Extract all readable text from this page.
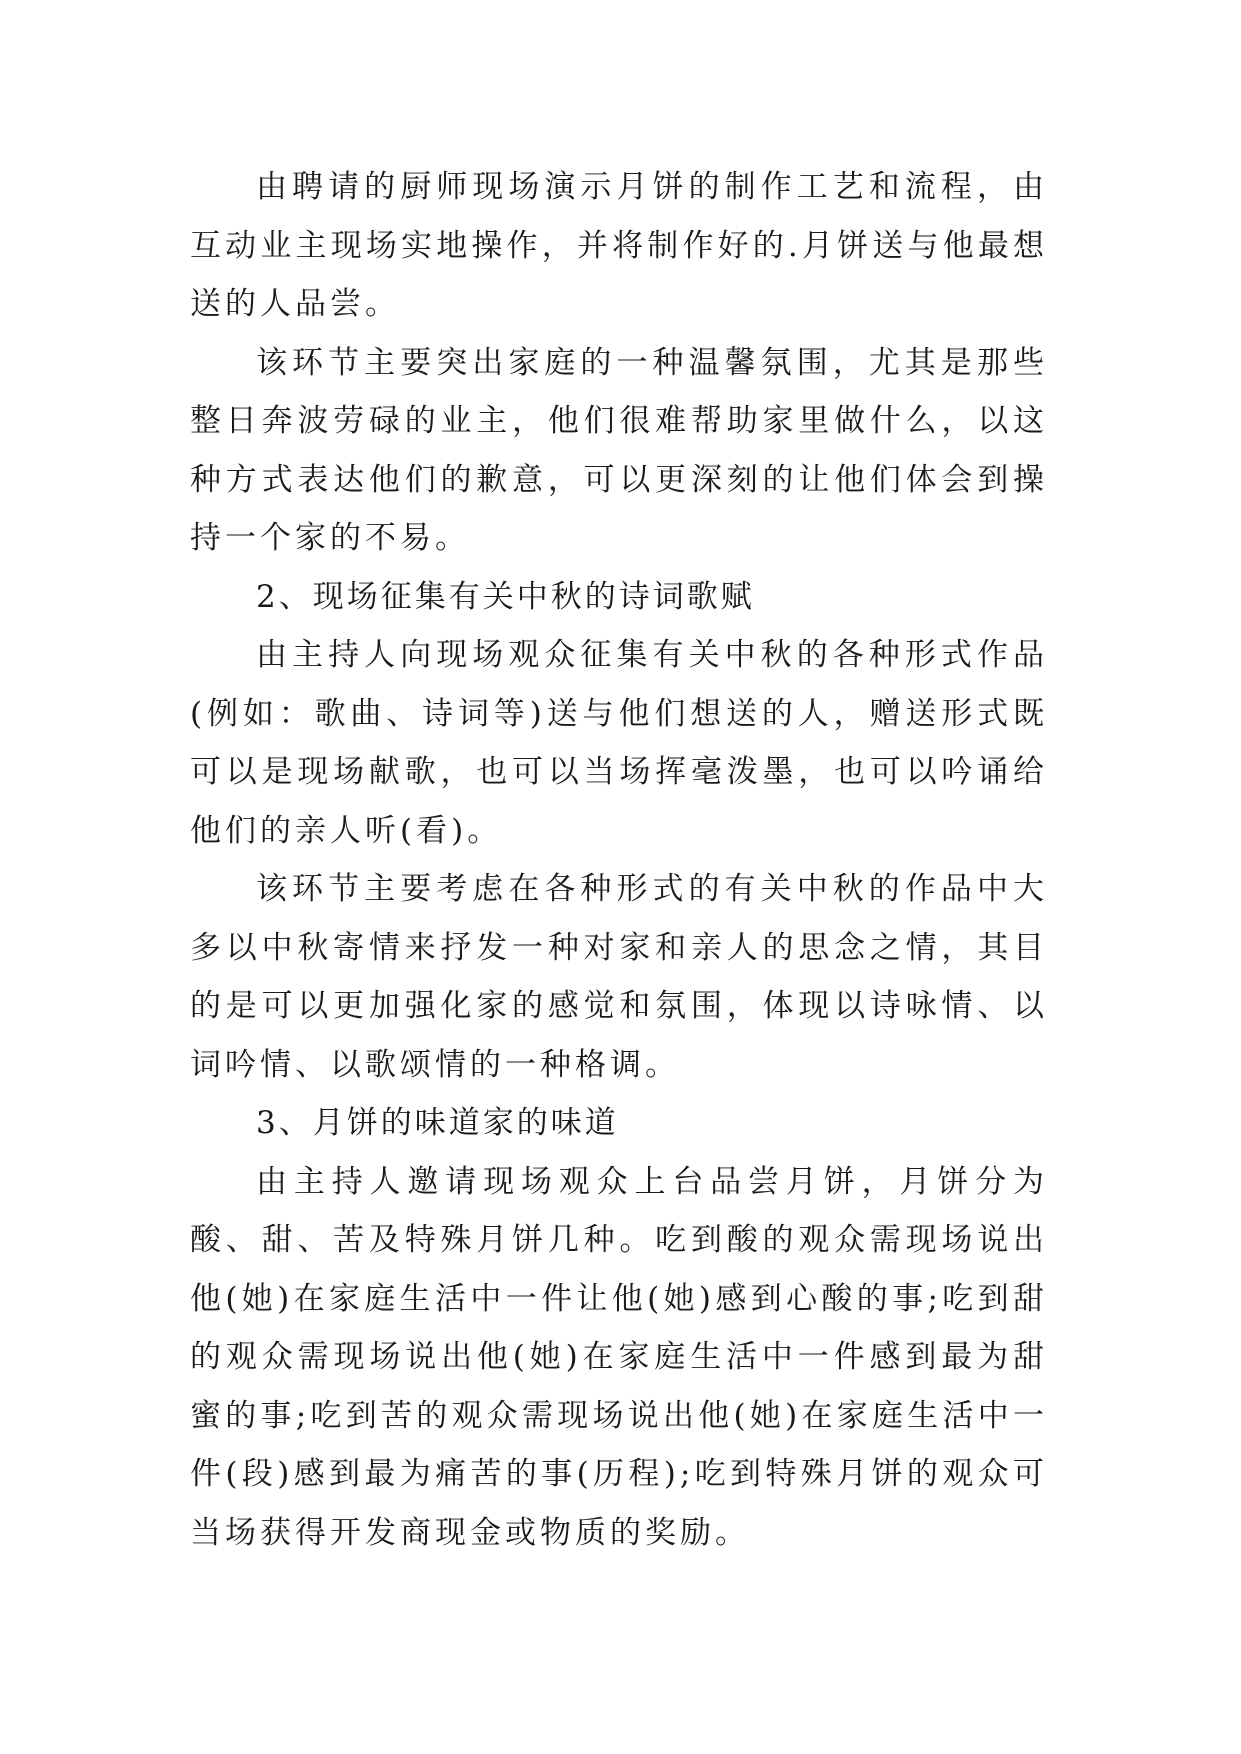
由聘请的厨师现场演示月饼的制作工艺和流程，由互动业主现场实地操作，并将制作好的.月饼送与他最想送的人品尝。

该环节主要突出家庭的一种温馨氛围，尤其是那些整日奔波劳碌的业主，他们很难帮助家里做什么，以这种方式表达他们的歉意，可以更深刻的让他们体会到操持一个家的不易。

2、现场征集有关中秋的诗词歌赋

由主持人向现场观众征集有关中秋的各种形式作品(例如：歌曲、诗词等)送与他们想送的人，赠送形式既可以是现场献歌，也可以当场挥毫泼墨，也可以吟诵给他们的亲人听(看)。

该环节主要考虑在各种形式的有关中秋的作品中大多以中秋寄情来抒发一种对家和亲人的思念之情，其目的是可以更加强化家的感觉和氛围，体现以诗咏情、以词吟情、以歌颂情的一种格调。

3、月饼的味道家的味道

由主持人邀请现场观众上台品尝月饼，月饼分为酸、甜、苦及特殊月饼几种。吃到酸的观众需现场说出他(她)在家庭生活中一件让他(她)感到心酸的事;吃到甜的观众需现场说出他(她)在家庭生活中一件感到最为甜蜜的事;吃到苦的观众需现场说出他(她)在家庭生活中一件(段)感到最为痛苦的事(历程);吃到特殊月饼的观众可当场获得开发商现金或物质的奖励。
